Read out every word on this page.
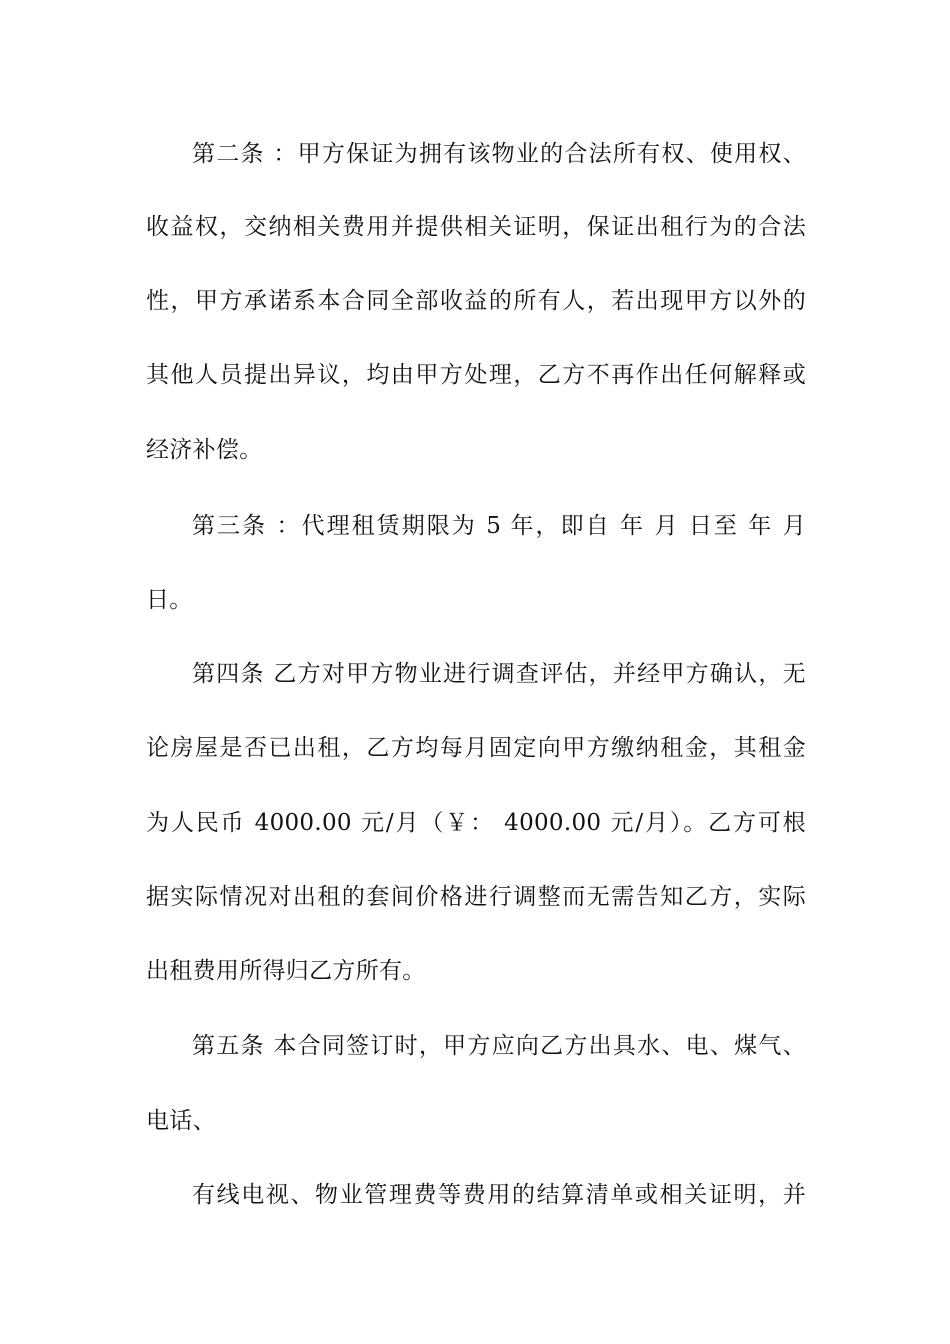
第二条 ：甲方保证为拥有该物业的合法所有权、使用权、
收益权，交纳相关费用并提供相关证明，保证出租行为的合法
性，甲方承诺系本合同全部收益的所有人，若出现甲方以外的
其他人员提出异议，均由甲方处理，乙方不再作出任何解释或
经济补偿。
第三条 ：代理租赁期限为 5 年，即自 年 月 日至 年 月
日。
第四条 乙方对甲方物业进行调查评估，并经甲方确认，无
论房屋是否已出租，乙方均每月固定向甲方缴纳租金，其租金
为人民币 4000.00 元/月（￥： 4000.00 元/月）。乙方可根
据实际情况对出租的套间价格进行调整而无需告知乙方，实际
出租费用所得归乙方所有。
第五条 本合同签订时，甲方应向乙方出具水、电、煤气、
电话、
有线电视、物业管理费等费用的结算清单或相关证明，并
